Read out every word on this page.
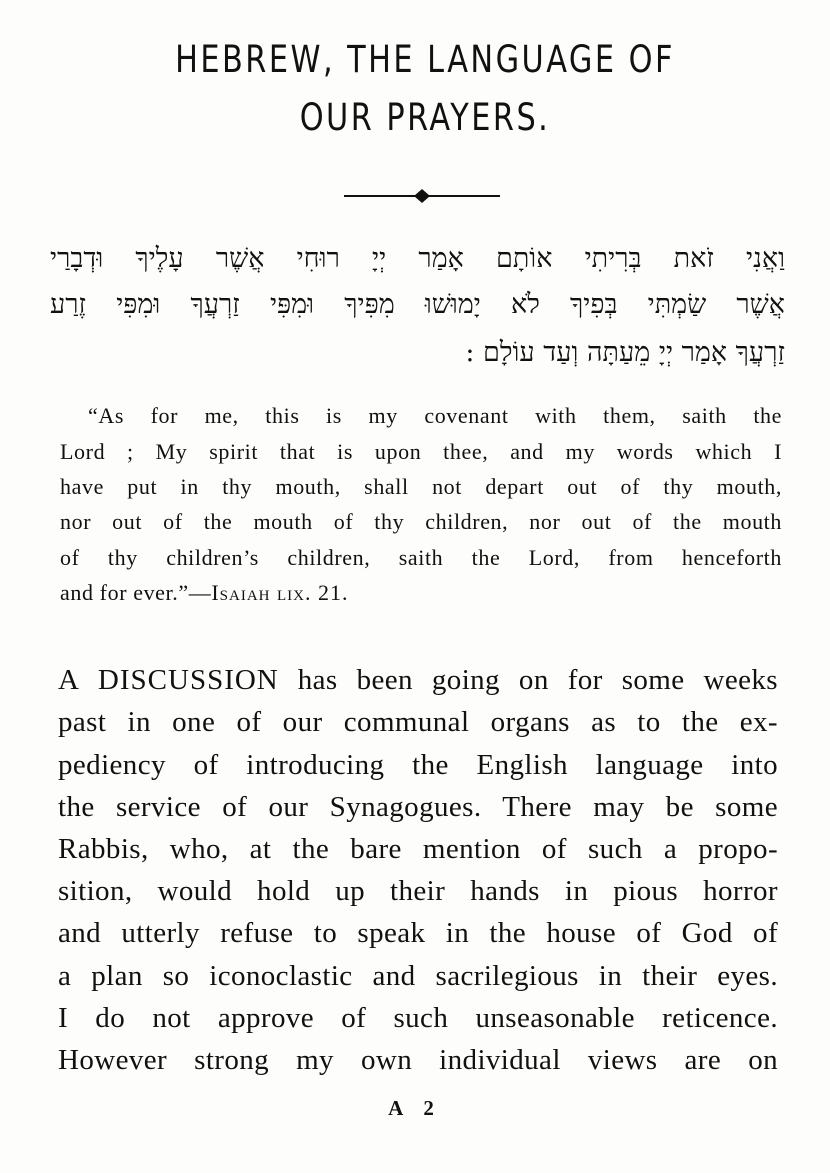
HEBREW, THE LANGUAGE OF
OUR PRAYERS.
וַאֲנִי זֹאת בְּרִיתִי אוֹתָם אָמַר יְיָ רוּחִי אֲשֶׁר עָלֶיךָ וּדְבָרַי
אֲשֶׁר שַׂמְתִּי בְּפִיךָ לֹא יָמוּשׁוּ מִפִּיךָ וּמִפִּי זַרְעֲךָ וּמִפִּי זֶרַע
זַרְעֲךָ אָמַר יְיָ מֵעַתָּה וְעַד עוֹלָם :
“As for me, this is my covenant with them, saith the
Lord ; My spirit that is upon thee, and my words which I
have put in thy mouth, shall not depart out of thy mouth,
nor out of the mouth of thy children, nor out of the mouth
of thy children’s children, saith the Lord, from henceforth
and for ever.”—Isaiah lix. 21.
A DISCUSSION has been going on for some weeks
past in one of our communal organs as to the ex-
pediency of introducing the English language into
the service of our Synagogues. There may be some
Rabbis, who, at the bare mention of such a propo-
sition, would hold up their hands in pious horror
and utterly refuse to speak in the house of God of
a plan so iconoclastic and sacrilegious in their eyes.
I do not approve of such unseasonable reticence.
However strong my own individual views are on
A 2
